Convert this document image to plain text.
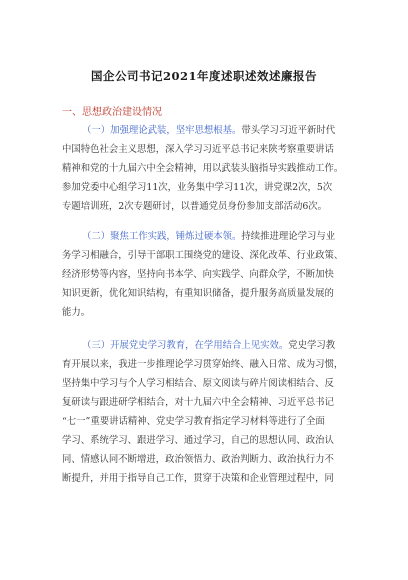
国企公司书记2021年度述职述效述廉报告
一、思想政治建设情况
（一）加强理论武装，坚牢思想根基。带头学习习近平新时代
中国特色社会主义思想，深入学习习近平总书记来陕考察重要讲话
精神和党的十九届六中全会精神，用以武装头脑指导实践推动工作。
参加党委中心组学习11次，业务集中学习11次，讲党课2次，5次
专题培训班，2次专题研讨，以普通党员身份参加支部活动6次。
（二）聚焦工作实践，锤炼过硬本领。持续推进理论学习与业
务学习相融合，引导干部职工围绕党的建设、深化改革、行业政策、
经济形势等内容，坚持向书本学、向实践学、向群众学，不断加快
知识更新，优化知识结构，有重知识储备，提升服务高质量发展的
能力。
（三）开展党史学习教育，在学用结合上见实效。党史学习教
育开展以来，我进一步推理论学习贯穿始终、融入日常、成为习惯，
坚持集中学习与个人学习相结合、原文阅读与碎片阅读相结合、反
复研读与跟进研学相结合，对十九届六中全会精神、习近平总书记
“七一”重要讲话精神、党史学习教育指定学习材料等进行了全面
学习、系统学习、跟进学习、通过学习，自己的思想认同、政治认
同、情感认同不断增进，政治领悟力、政治判断力、政治执行力不
断提升，并用于指导自己工作，贯穿于决策和企业管理过程中，同
